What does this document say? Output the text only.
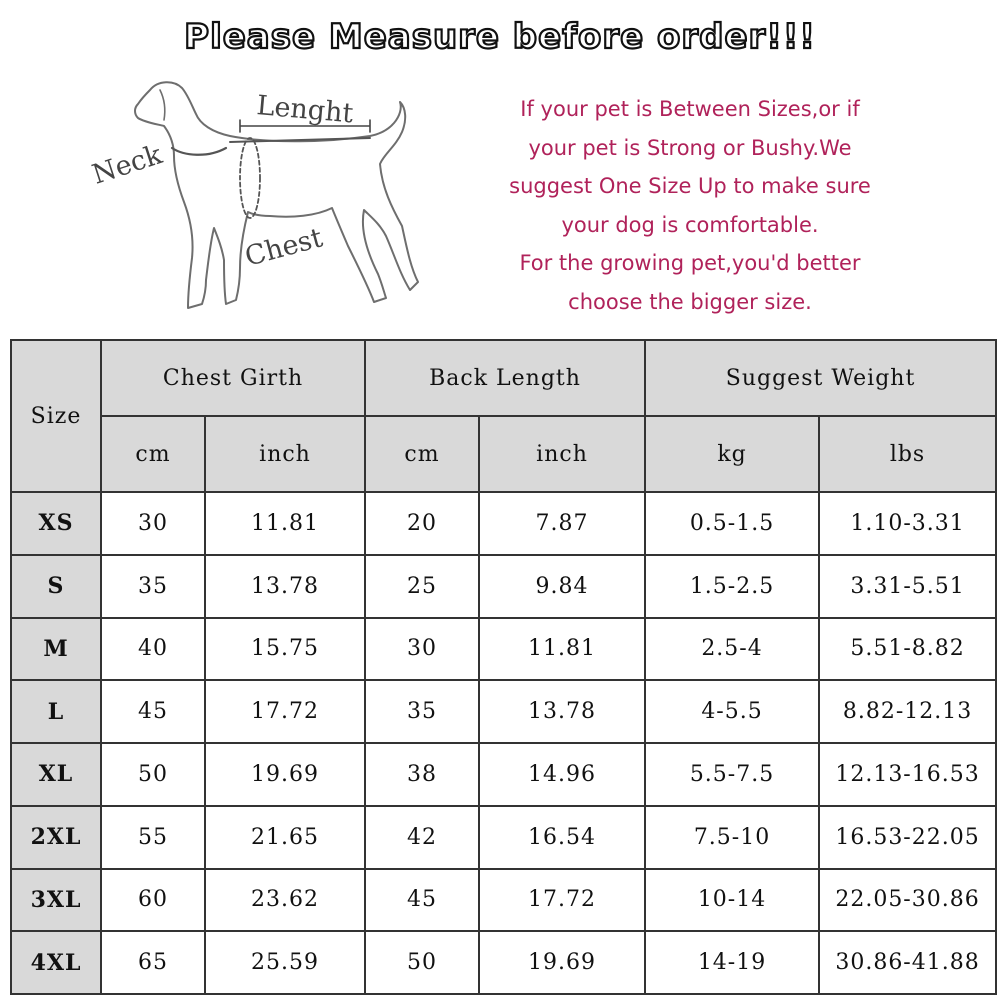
Please Measure before order!!!
Neck
Lenght
Chest
If your pet is Between Sizes,or if
your pet is Strong or Bushy.We
suggest One Size Up to make sure
your dog is comfortable.
For the growing pet,you'd better
choose the bigger size.
Size	Chest Girth		Back Length		Suggest Weight	
	cm	inch	cm	inch	kg	lbs
XS	30	11.81	20	7.87	0.5-1.5	1.10-3.31
S	35	13.78	25	9.84	1.5-2.5	3.31-5.51
M	40	15.75	30	11.81	2.5-4	5.51-8.82
L	45	17.72	35	13.78	4-5.5	8.82-12.13
XL	50	19.69	38	14.96	5.5-7.5	12.13-16.53
2XL	55	21.65	42	16.54	7.5-10	16.53-22.05
3XL	60	23.62	45	17.72	10-14	22.05-30.86
4XL	65	25.59	50	19.69	14-19	30.86-41.88
